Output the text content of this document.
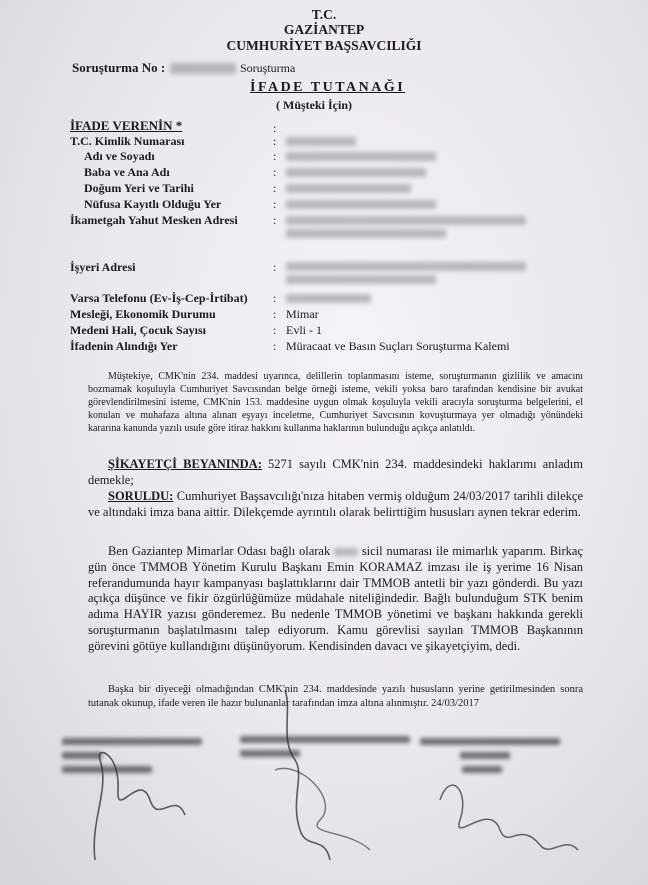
T.C.
GAZİANTEP
CUMHURİYET BAŞSAVCILIĞI
Soruşturma No :	Soruşturma
İFADE TUTANAĞI
( Müşteki İçin)
İFADE VERENİN *	:
T.C. Kimlik Numarası	:
Adı ve Soyadı	:
Baba ve Ana Adı	:
Doğum Yeri ve Tarihi	:
Nüfusa Kayıtlı Olduğu Yer	:
İkametgah Yahut Mesken Adresi	:
İşyeri Adresi	:
Varsa Telefonu (Ev-İş-Cep-İrtibat) :
Mesleği, Ekonomik Durumu	: Mimar
Medeni Hali, Çocuk Sayısı	: Evli - 1
İfadenin Alındığı Yer	: Müracaat ve Basın Suçları Soruşturma Kalemi
Müştekiye, CMK'nin 234. maddesi uyarınca, delillerin toplanmasını isteme, soruşturmanın gizlilik ve amacını bozmamak koşuluyla Cumhuriyet Savcısından belge örneği isteme, vekili yoksa baro tarafından kendisine bir avukat görevlendirilmesini isteme, CMK'nin 153. maddesine uygun olmak koşuluyla vekili aracıyla soruşturma belgelerini, el konulan ve muhafaza altına alınan eşyayı inceletme, Cumhuriyet Savcısının kovuşturmaya yer olmadığı yönündeki kararına kanunda yazılı usule göre itiraz hakkını kullanma haklarının bulunduğu açıkça anlatıldı.
ŞİKAYETÇİ BEYANINDA: 5271 sayılı CMK'nin 234. maddesindeki haklarımı anladım demekle;
SORULDU: Cumhuriyet Başsavcılığı'nıza hitaben vermiş olduğum 24/03/2017 tarihli dilekçe ve altındaki imza bana aittir. Dilekçemde ayrıntılı olarak belirttiğim hususları aynen tekrar ederim.
Ben Gaziantep Mimarlar Odası bağlı olarak	sicil numarası ile mimarlık yaparım. Birkaç gün önce TMMOB Yönetim Kurulu Başkanı Emin KORAMAZ imzası ile iş yerime 16 Nisan referandumunda hayır kampanyası başlattıklarını dair TMMOB antetli bir yazı gönderdi. Bu yazı açıkça düşünce ve fikir özgürlüğümüze müdahale niteliğindedir. Bağlı bulunduğum STK benim adıma HAYIR yazısı gönderemez. Bu nedenle TMMOB yönetimi ve başkanı hakkında gerekli soruşturmanın başlatılmasını talep ediyorum. Kamu görevlisi sayılan TMMOB Başkanının görevini götüye kullandığını düşünüyorum. Kendisinden davacı ve şikayetçiyim, dedi.
Başka bir diyeceği olmadığından CMK'nin 234. maddesinde yazılı hususların yerine getirilmesinden sonra tutanak okunup, ifade veren ile hazır bulunanlar tarafından imza altına alınmıştır. 24/03/2017
